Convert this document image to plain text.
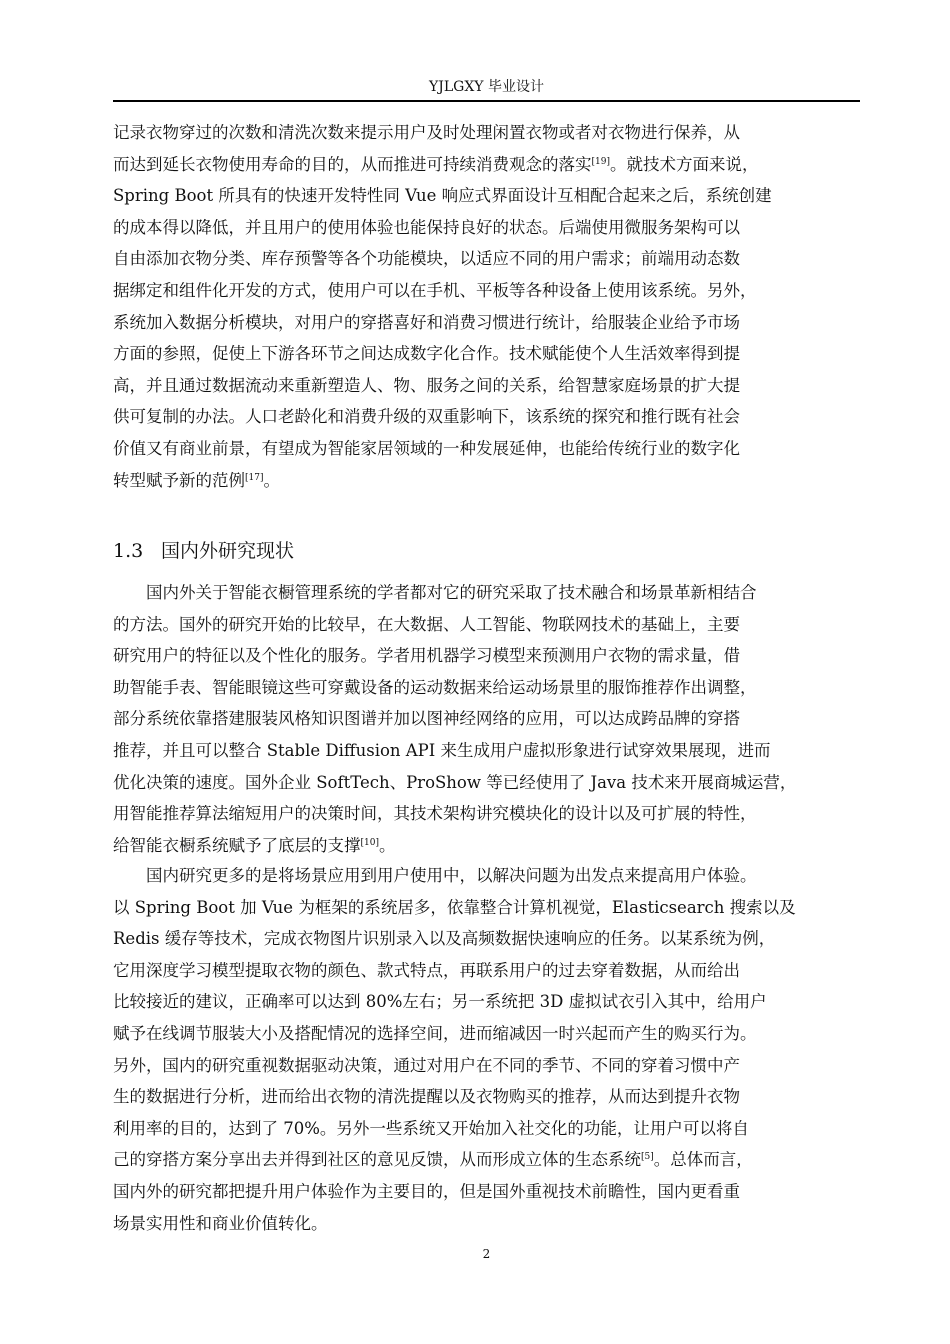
YJLGXY 毕业设计
记录衣物穿过的次数和清洗次数来提示用户及时处理闲置衣物或者对衣物进行保养，从
而达到延长衣物使用寿命的目的，从而推进可持续消费观念的落实[19]。就技术方面来说，
Spring Boot 所具有的快速开发特性同 Vue 响应式界面设计互相配合起来之后，系统创建
的成本得以降低，并且用户的使用体验也能保持良好的状态。后端使用微服务架构可以
自由添加衣物分类、库存预警等各个功能模块，以适应不同的用户需求；前端用动态数
据绑定和组件化开发的方式，使用户可以在手机、平板等各种设备上使用该系统。另外，
系统加入数据分析模块，对用户的穿搭喜好和消费习惯进行统计，给服装企业给予市场
方面的参照，促使上下游各环节之间达成数字化合作。技术赋能使个人生活效率得到提
高，并且通过数据流动来重新塑造人、物、服务之间的关系，给智慧家庭场景的扩大提
供可复制的办法。人口老龄化和消费升级的双重影响下，该系统的探究和推行既有社会
价值又有商业前景，有望成为智能家居领域的一种发展延伸，也能给传统行业的数字化
转型赋予新的范例[17]。
1.3 国内外研究现状
国内外关于智能衣橱管理系统的学者都对它的研究采取了技术融合和场景革新相结合
的方法。国外的研究开始的比较早，在大数据、人工智能、物联网技术的基础上，主要
研究用户的特征以及个性化的服务。学者用机器学习模型来预测用户衣物的需求量，借
助智能手表、智能眼镜这些可穿戴设备的运动数据来给运动场景里的服饰推荐作出调整，
部分系统依靠搭建服装风格知识图谱并加以图神经网络的应用，可以达成跨品牌的穿搭
推荐，并且可以整合 Stable Diffusion API 来生成用户虚拟形象进行试穿效果展现，进而
优化决策的速度。国外企业 SoftTech、ProShow 等已经使用了 Java 技术来开展商城运营，
用智能推荐算法缩短用户的决策时间，其技术架构讲究模块化的设计以及可扩展的特性，
给智能衣橱系统赋予了底层的支撑[10]。
国内研究更多的是将场景应用到用户使用中，以解决问题为出发点来提高用户体验。
以 Spring Boot 加 Vue 为框架的系统居多，依靠整合计算机视觉，Elasticsearch 搜索以及
Redis 缓存等技术，完成衣物图片识别录入以及高频数据快速响应的任务。以某系统为例，
它用深度学习模型提取衣物的颜色、款式特点，再联系用户的过去穿着数据，从而给出
比较接近的建议，正确率可以达到 80%左右；另一系统把 3D 虚拟试衣引入其中，给用户
赋予在线调节服装大小及搭配情况的选择空间，进而缩减因一时兴起而产生的购买行为。
另外，国内的研究重视数据驱动决策，通过对用户在不同的季节、不同的穿着习惯中产
生的数据进行分析，进而给出衣物的清洗提醒以及衣物购买的推荐，从而达到提升衣物
利用率的目的，达到了 70%。另外一些系统又开始加入社交化的功能，让用户可以将自
己的穿搭方案分享出去并得到社区的意见反馈，从而形成立体的生态系统[5]。总体而言，
国内外的研究都把提升用户体验作为主要目的，但是国外重视技术前瞻性，国内更看重
场景实用性和商业价值转化。
2
